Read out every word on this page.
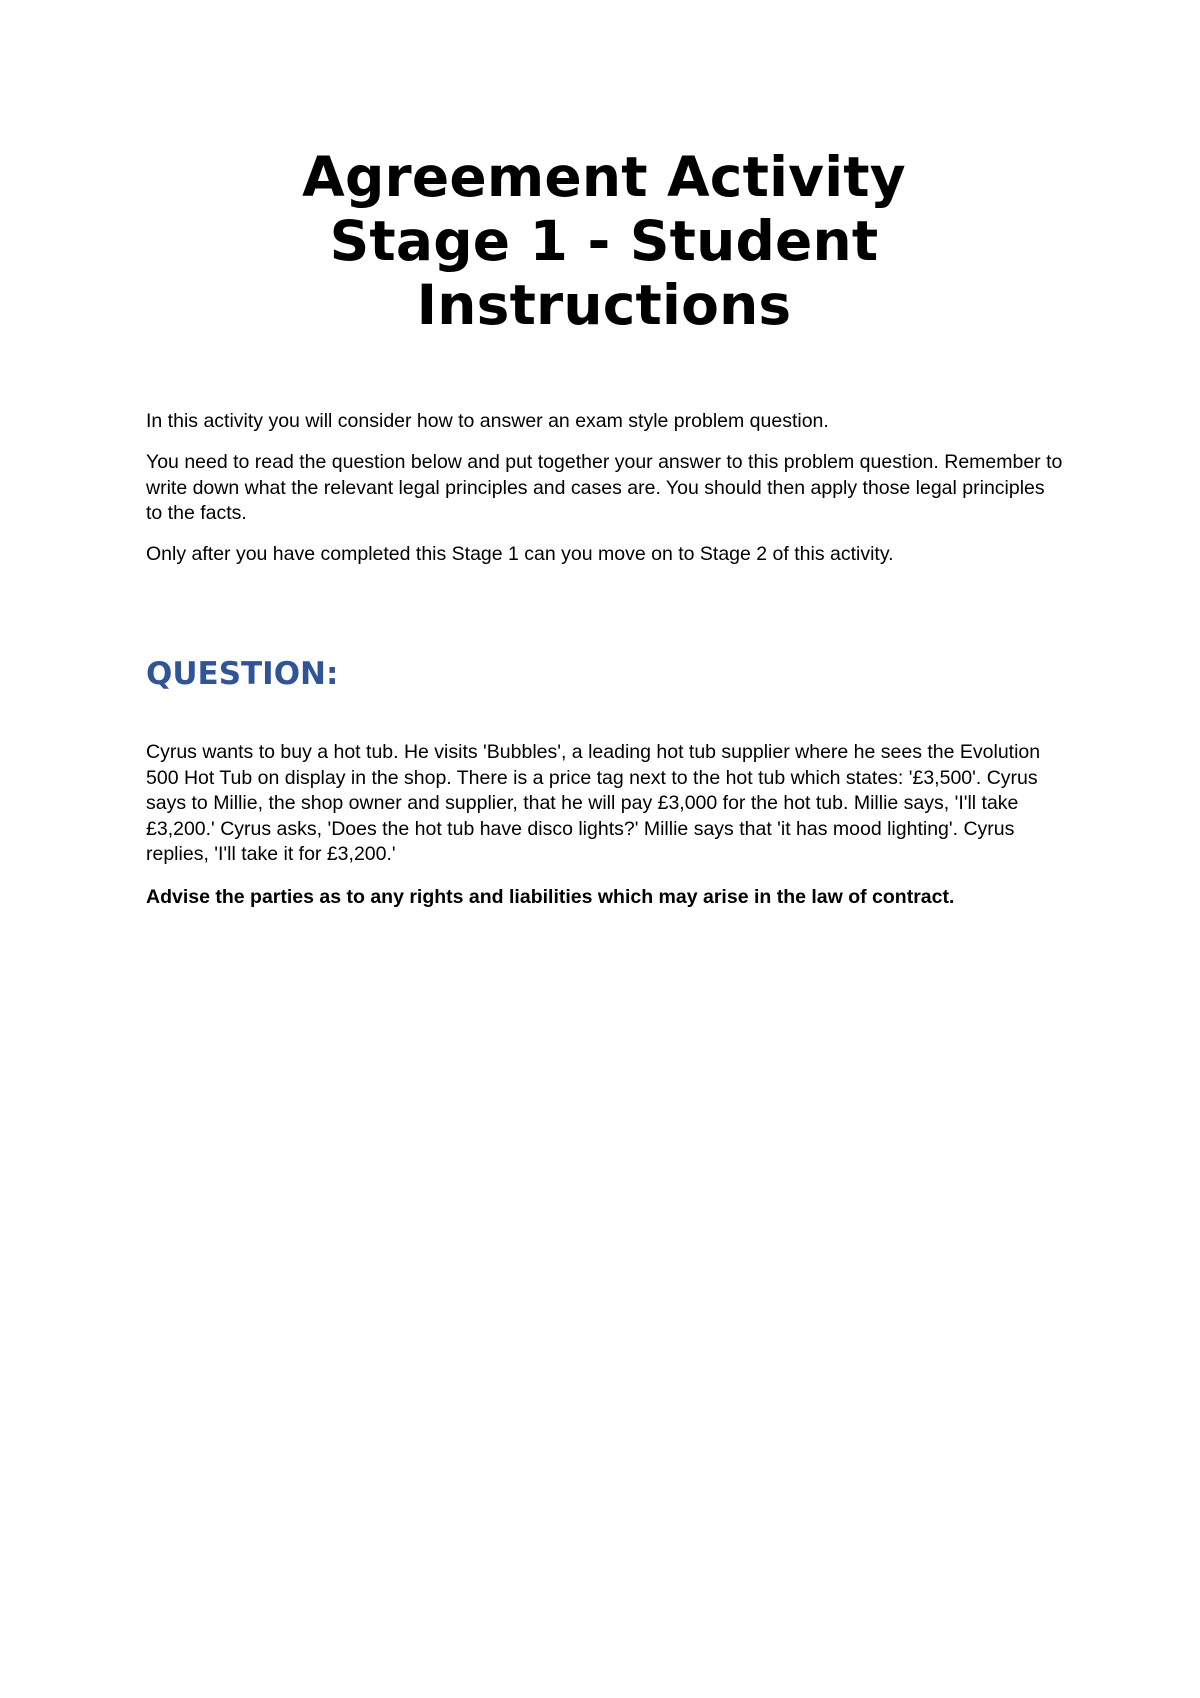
Agreement Activity
Stage 1 - Student
Instructions

In this activity you will consider how to answer an exam style problem question.

You need to read the question below and put together your answer to this problem question. Remember to write down what the relevant legal principles and cases are. You should then apply those legal principles to the facts.

Only after you have completed this Stage 1 can you move on to Stage 2 of this activity.

QUESTION:

Cyrus wants to buy a hot tub. He visits 'Bubbles', a leading hot tub supplier where he sees the Evolution 500 Hot Tub on display in the shop. There is a price tag next to the hot tub which states: '£3,500'. Cyrus says to Millie, the shop owner and supplier, that he will pay £3,000 for the hot tub. Millie says, 'I'll take £3,200.' Cyrus asks, 'Does the hot tub have disco lights?' Millie says that 'it has mood lighting'. Cyrus replies, 'I'll take it for £3,200.'

Advise the parties as to any rights and liabilities which may arise in the law of contract.
